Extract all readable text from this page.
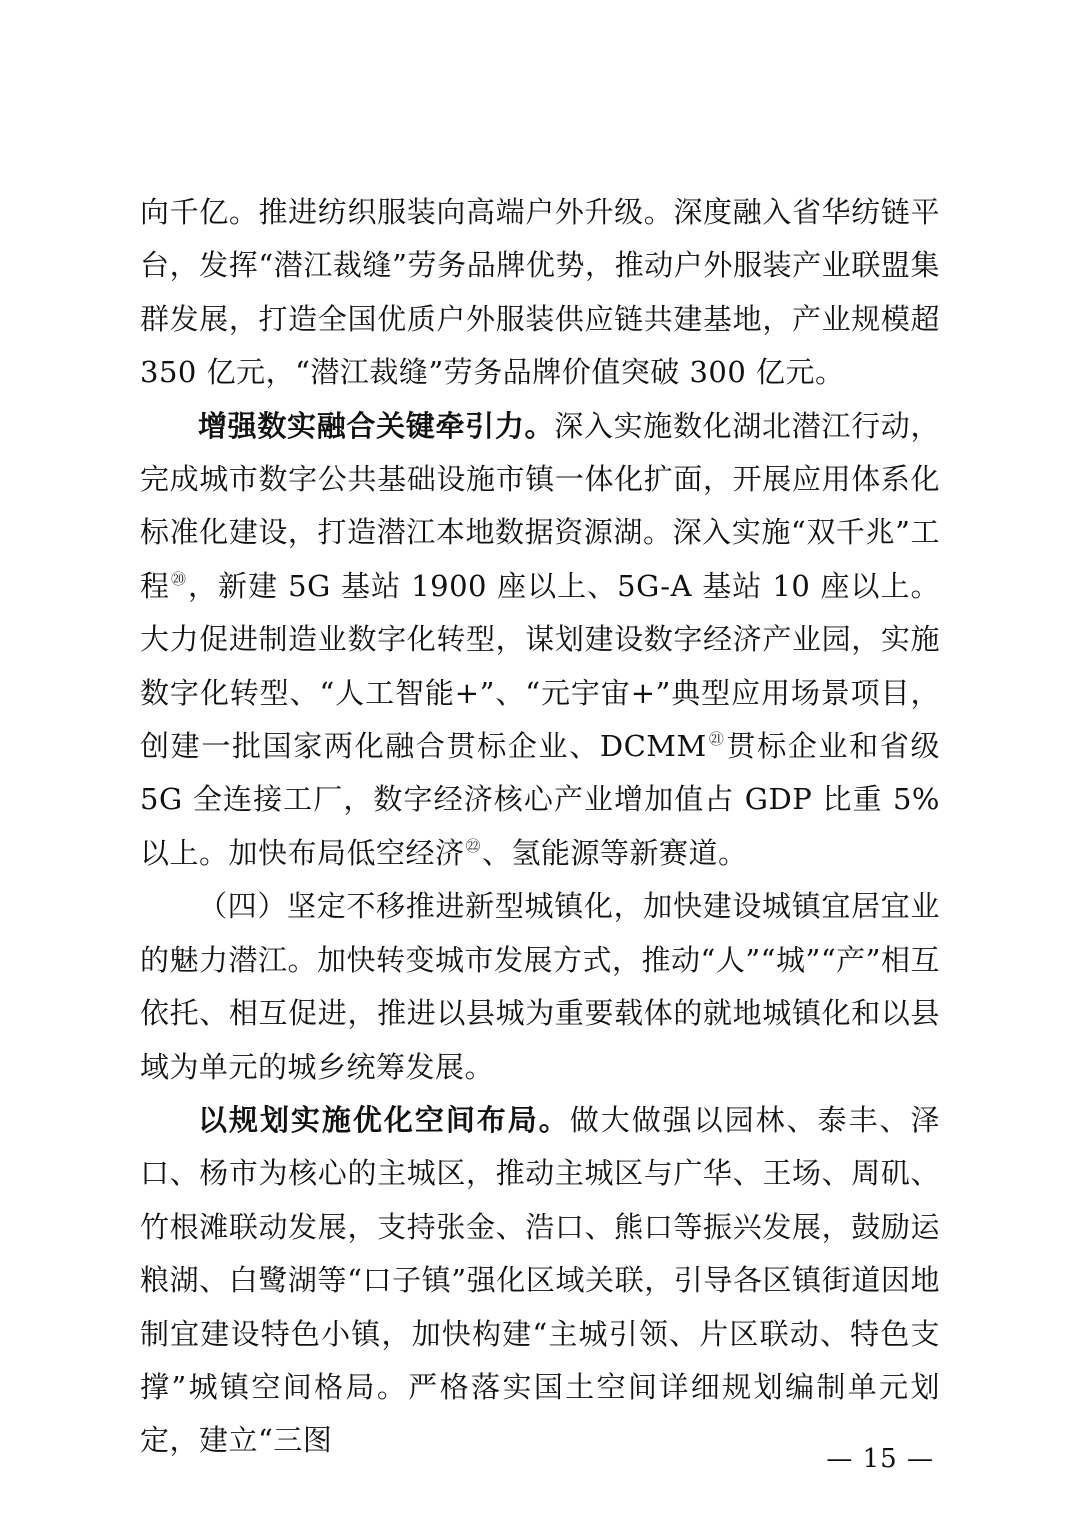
向千亿。推进纺织服装向高端户外升级。深度融入省华纺链平台，发挥“潜江裁缝”劳务品牌优势，推动户外服装产业联盟集群发展，打造全国优质户外服装供应链共建基地，产业规模超 350 亿元，“潜江裁缝”劳务品牌价值突破 300 亿元。

增强数实融合关键牵引力。深入实施数化湖北潜江行动，完成城市数字公共基础设施市镇一体化扩面，开展应用体系化标准化建设，打造潜江本地数据资源湖。深入实施“双千兆”工程⑳，新建 5G 基站 1900 座以上、5G-A 基站 10 座以上。大力促进制造业数字化转型，谋划建设数字经济产业园，实施数字化转型、“人工智能+”、“元宇宙+”典型应用场景项目，创建一批国家两化融合贯标企业、DCMM$^㉑$贯标企业和省级 5G 全连接工厂，数字经济核心产业增加值占 GDP 比重 5%以上。加快布局低空经济$^㉒$、氢能源等新赛道。

（四）坚定不移推进新型城镇化，加快建设城镇宜居宜业的魅力潜江。加快转变城市发展方式，推动“人”“城”“产”相互依托、相互促进，推进以县城为重要载体的就地城镇化和以县域为单元的城乡统筹发展。

以规划实施优化空间布局。做大做强以园林、泰丰、泽口、杨市为核心的主城区，推动主城区与广华、王场、周矶、竹根滩联动发展，支持张金、浩口、熊口等振兴发展，鼓励运粮湖、白鹭湖等“口子镇”强化区域关联，引导各区镇街道因地制宜建设特色小镇，加快构建“主城引领、片区联动、特色支撑”城镇空间格局。严格落实国土空间详细规划编制单元划定，建立“三图

— 15 —
